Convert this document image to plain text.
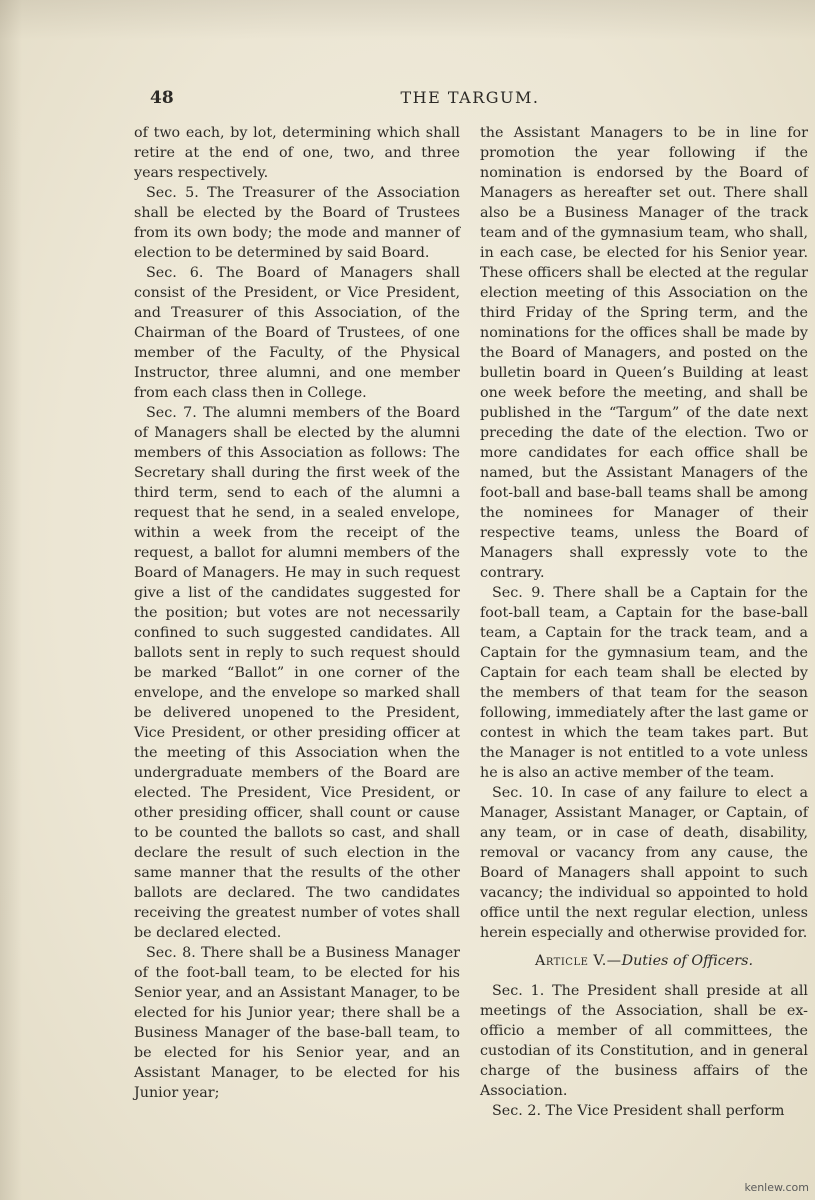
48	THE TARGUM.

of two each, by lot, determining which shall retire at the end of one, two, and three years respectively.

Sec. 5. The Treasurer of the Association shall be elected by the Board of Trustees from its own body; the mode and manner of election to be determined by said Board.

Sec. 6. The Board of Managers shall consist of the President, or Vice President, and Treasurer of this Association, of the Chairman of the Board of Trustees, of one member of the Faculty, of the Physical Instructor, three alumni, and one member from each class then in College.

Sec. 7. The alumni members of the Board of Managers shall be elected by the alumni members of this Association as follows: The Secretary shall during the first week of the third term, send to each of the alumni a request that he send, in a sealed envelope, within a week from the receipt of the request, a ballot for alumni members of the Board of Managers. He may in such request give a list of the candidates suggested for the position; but votes are not necessarily confined to such suggested candidates. All ballots sent in reply to such request should be marked “Ballot” in one corner of the envelope, and the envelope so marked shall be delivered unopened to the President, Vice President, or other presiding officer at the meeting of this Association when the undergraduate members of the Board are elected. The President, Vice President, or other presiding officer, shall count or cause to be counted the ballots so cast, and shall declare the result of such election in the same manner that the results of the other ballots are declared. The two candidates receiving the greatest number of votes shall be declared elected.

Sec. 8. There shall be a Business Manager of the foot-ball team, to be elected for his Senior year, and an Assistant Manager, to be elected for his Junior year; there shall be a Business Manager of the base-ball team, to be elected for his Senior year, and an Assistant Manager, to be elected for his Junior year;

the Assistant Managers to be in line for promotion the year following if the nomination is endorsed by the Board of Managers as hereafter set out. There shall also be a Business Manager of the track team and of the gymnasium team, who shall, in each case, be elected for his Senior year. These officers shall be elected at the regular election meeting of this Association on the third Friday of the Spring term, and the nominations for the offices shall be made by the Board of Managers, and posted on the bulletin board in Queen’s Building at least one week before the meeting, and shall be published in the “Targum” of the date next preceding the date of the election. Two or more candidates for each office shall be named, but the Assistant Managers of the foot-ball and base-ball teams shall be among the nominees for Manager of their respective teams, unless the Board of Managers shall expressly vote to the contrary.

Sec. 9. There shall be a Captain for the foot-ball team, a Captain for the base-ball team, a Captain for the track team, and a Captain for the gymnasium team, and the Captain for each team shall be elected by the members of that team for the season following, immediately after the last game or contest in which the team takes part. But the Manager is not entitled to a vote unless he is also an active member of the team.

Sec. 10. In case of any failure to elect a Manager, Assistant Manager, or Captain, of any team, or in case of death, disability, removal or vacancy from any cause, the Board of Managers shall appoint to such vacancy; the individual so appointed to hold office until the next regular election, unless herein especially and otherwise provided for.

Article V.—Duties of Officers.

Sec. 1. The President shall preside at all meetings of the Association, shall be ex-officio a member of all committees, the custodian of its Constitution, and in general charge of the business affairs of the Association.

Sec. 2. The Vice President shall perform

kenlew.com
